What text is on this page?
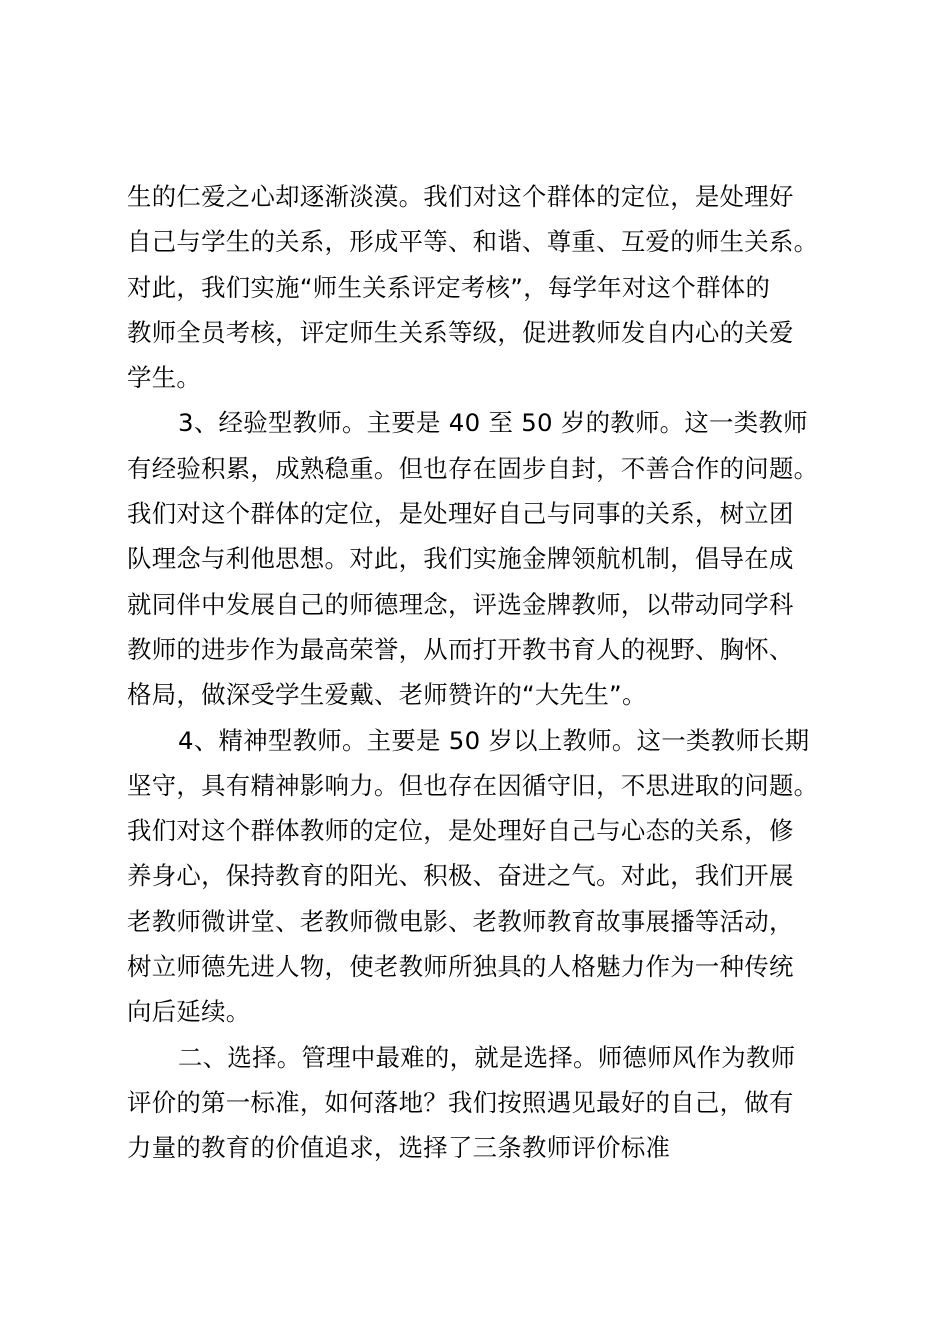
生的仁爱之心却逐渐淡漠。我们对这个群体的定位，是处理好
自己与学生的关系，形成平等、和谐、尊重、互爱的师生关系。
对此，我们实施“师生关系评定考核”，每学年对这个群体的
教师全员考核，评定师生关系等级，促进教师发自内心的关爱
学生。

3、经验型教师。主要是 40 至 50 岁的教师。这一类教师
有经验积累，成熟稳重。但也存在固步自封，不善合作的问题。
我们对这个群体的定位，是处理好自己与同事的关系，树立团
队理念与利他思想。对此，我们实施金牌领航机制，倡导在成
就同伴中发展自己的师德理念，评选金牌教师，以带动同学科
教师的进步作为最高荣誉，从而打开教书育人的视野、胸怀、
格局，做深受学生爱戴、老师赞许的“大先生”。

4、精神型教师。主要是 50 岁以上教师。这一类教师长期
坚守，具有精神影响力。但也存在因循守旧，不思进取的问题。
我们对这个群体教师的定位，是处理好自己与心态的关系，修
养身心，保持教育的阳光、积极、奋进之气。对此，我们开展
老教师微讲堂、老教师微电影、老教师教育故事展播等活动，
树立师德先进人物，使老教师所独具的人格魅力作为一种传统
向后延续。

二、选择。管理中最难的，就是选择。师德师风作为教师
评价的第一标准，如何落地？我们按照遇见最好的自己，做有
力量的教育的价值追求，选择了三条教师评价标准
